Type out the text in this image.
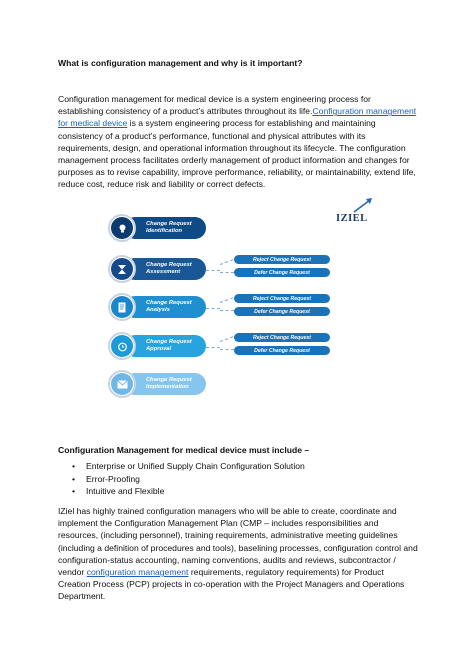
What is configuration management and why is it important?
Configuration management for medical device is a system engineering process for establishing consistency of a product’s attributes throughout its life.Configuration management for medical device is a system engineering process for establishing and maintaining consistency of a product’s performance, functional and physical attributes with its requirements, design, and operational information throughout its lifecycle. The configuration management process facilitates orderly management of product information and changes for purposes as to revise capability, improve performance, reliability, or maintainability, extend life, reduce cost, reduce risk and liability or correct defects.
IZIEL
Change Request
Identification
Change Request
Assessment
Change Request
Analysis
Change Request
Approval
Change Request
Implementation
Reject Change Request
Defer Change Request
Reject Change Request
Defer Change Request
Reject Change Request
Defer Change Request
Configuration Management for medical device must include –
• Enterprise or Unified Supply Chain Configuration Solution
• Error-Proofing
• Intuitive and Flexible
IZiel has highly trained configuration managers who will be able to create, coordinate and implement the Configuration Management Plan (CMP – includes responsibilities and resources, (including personnel), training requirements, administrative meeting guidelines (including a definition of procedures and tools), baselining processes, configuration control and configuration-status accounting, naming conventions, audits and reviews, subcontractor / vendor configuration management requirements, regulatory requirements) for Product Creation Process (PCP) projects in co-operation with the Project Managers and Operations Department.
